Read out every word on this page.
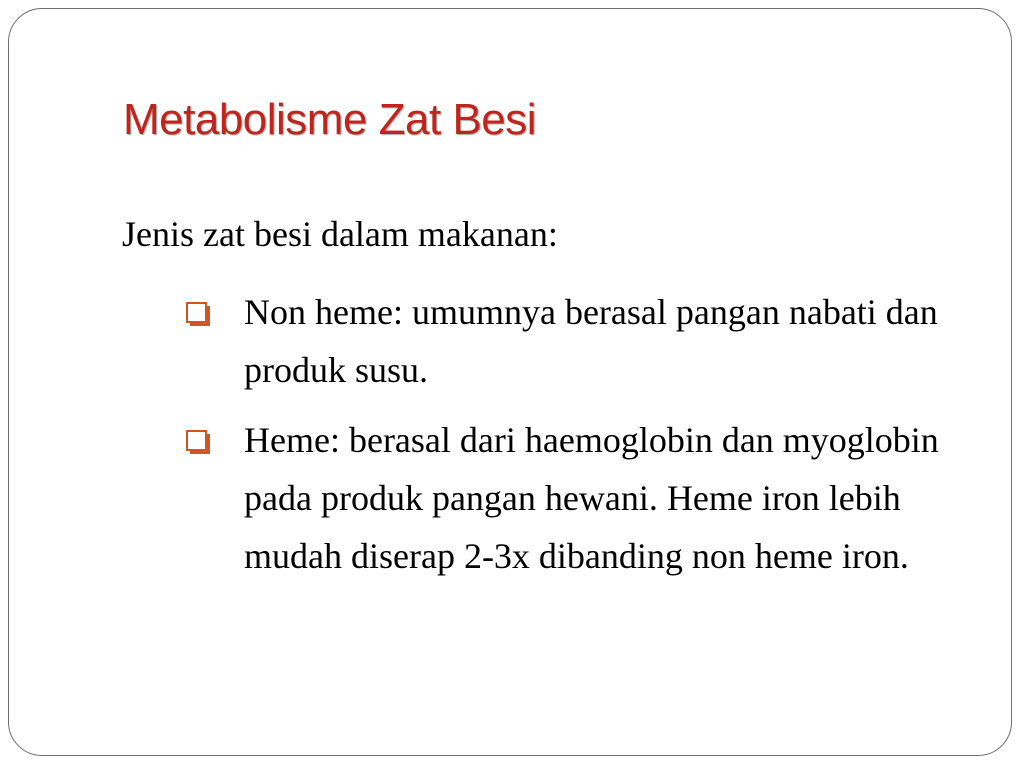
Metabolisme Zat Besi

Jenis zat besi dalam makanan:

Non heme: umumnya berasal pangan nabati dan produk susu.
Heme: berasal dari haemoglobin dan myoglobin pada produk pangan hewani. Heme iron lebih mudah diserap 2-3x dibanding non heme iron.
